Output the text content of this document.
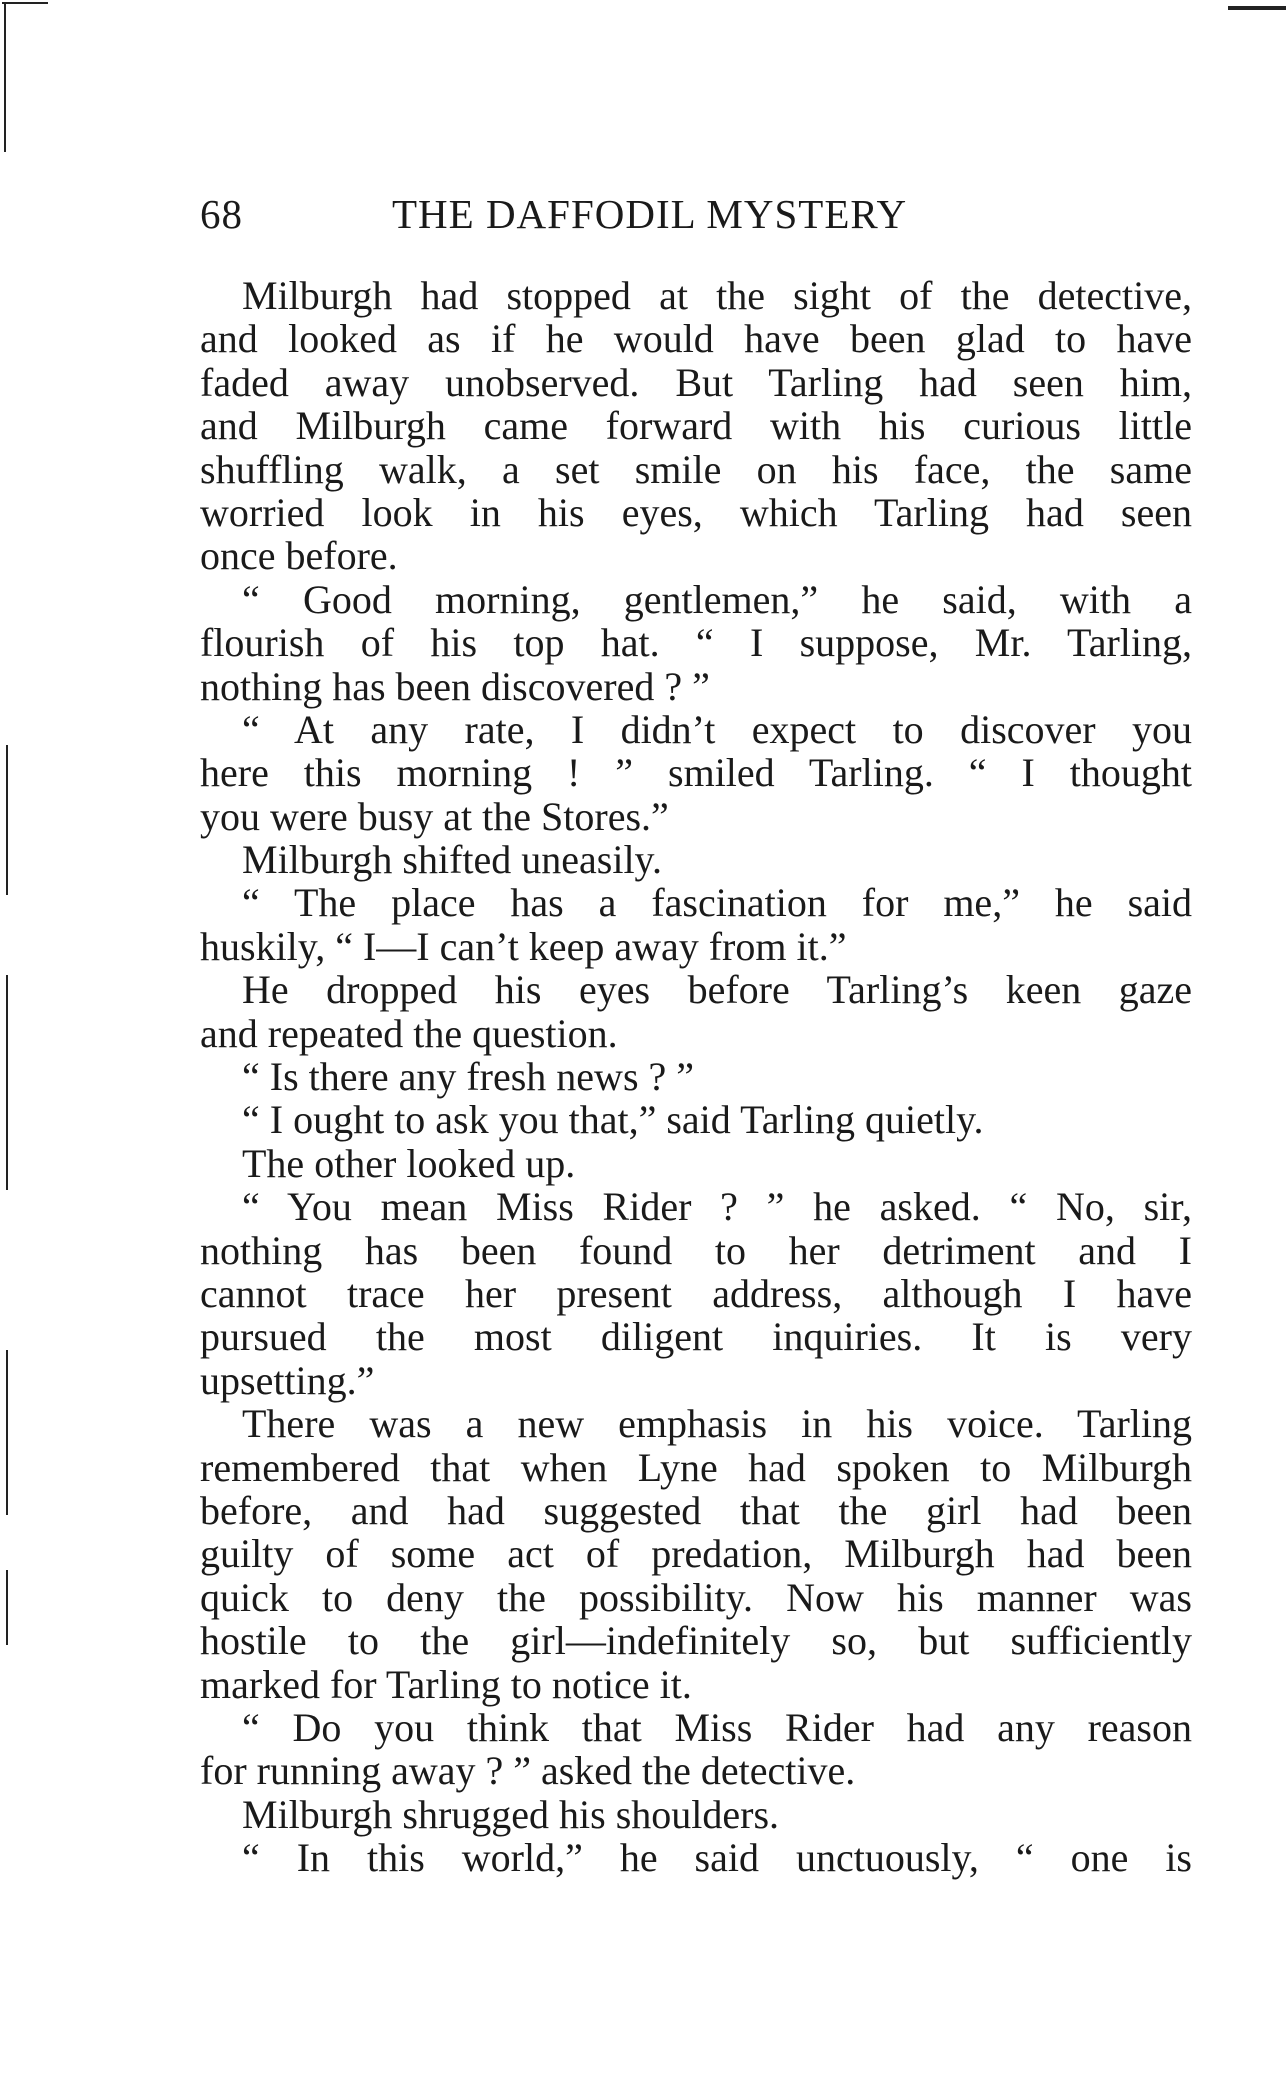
68	THE DAFFODIL MYSTERY
Milburgh had stopped at the sight of the detective,
and looked as if he would have been glad to have
faded away unobserved. But Tarling had seen him,
and Milburgh came forward with his curious little
shuffling walk, a set smile on his face, the same
worried look in his eyes, which Tarling had seen
once before.
“ Good morning, gentlemen,” he said, with a
flourish of his top hat. “ I suppose, Mr. Tarling,
nothing has been discovered ? ”
“ At any rate, I didn’t expect to discover you
here this morning ! ” smiled Tarling. “ I thought
you were busy at the Stores.”
Milburgh shifted uneasily.
“ The place has a fascination for me,” he said
huskily, “ I—I can’t keep away from it.”
He dropped his eyes before Tarling’s keen gaze
and repeated the question.
“ Is there any fresh news ? ”
“ I ought to ask you that,” said Tarling quietly.
The other looked up.
“ You mean Miss Rider ? ” he asked. “ No, sir,
nothing has been found to her detriment and I
cannot trace her present address, although I have
pursued the most diligent inquiries. It is very
upsetting.”
There was a new emphasis in his voice. Tarling
remembered that when Lyne had spoken to Milburgh
before, and had suggested that the girl had been
guilty of some act of predation, Milburgh had been
quick to deny the possibility. Now his manner was
hostile to the girl—indefinitely so, but sufficiently
marked for Tarling to notice it.
“ Do you think that Miss Rider had any reason
for running away ? ” asked the detective.
Milburgh shrugged his shoulders.
“ In this world,” he said unctuously, “ one is
